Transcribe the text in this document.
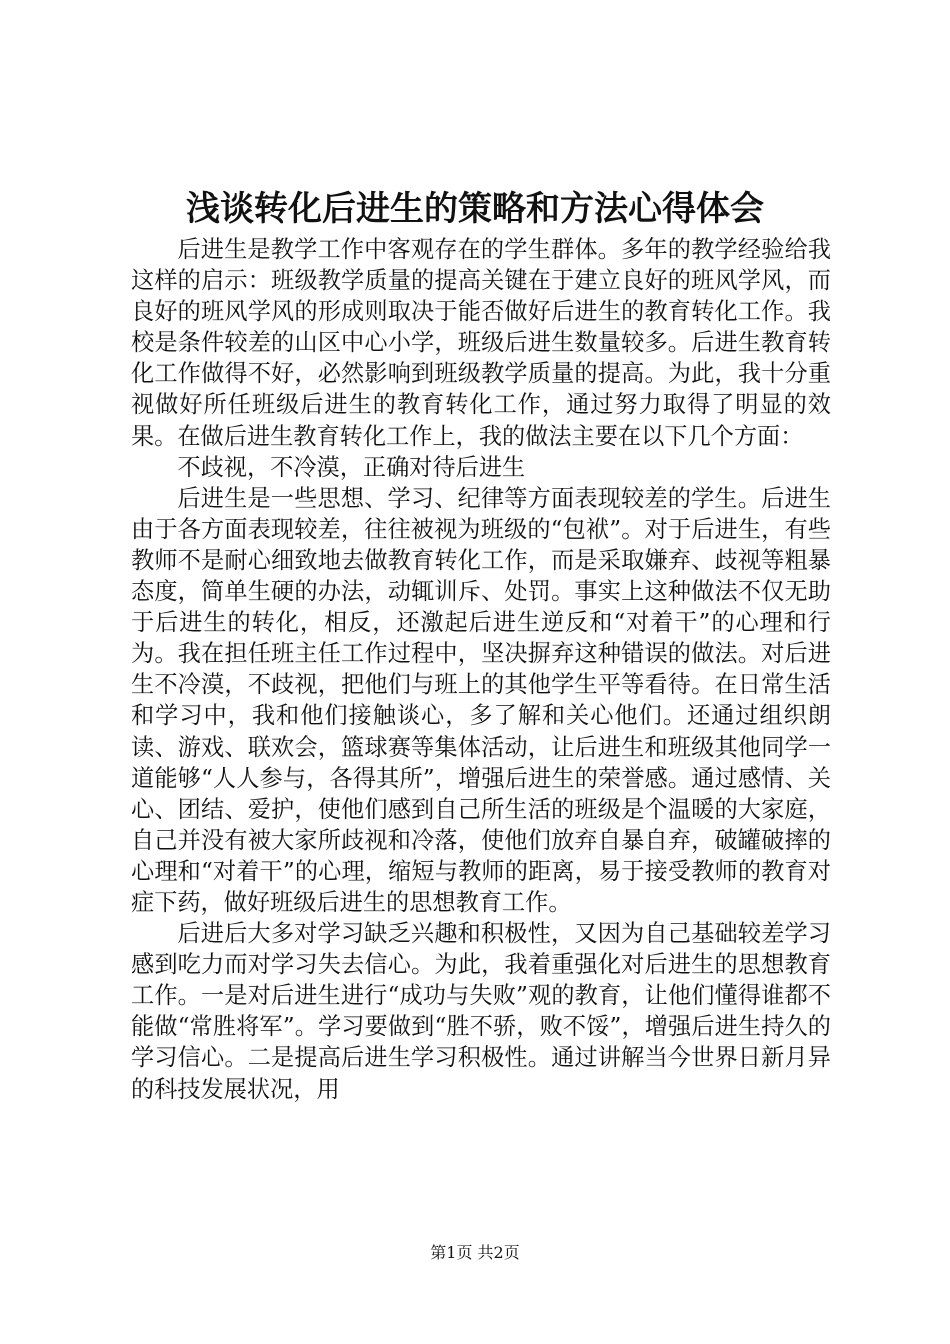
浅谈转化后进生的策略和方法心得体会

后进生是教学工作中客观存在的学生群体。多年的教学经验给我这样的启示：班级教学质量的提高关键在于建立良好的班风学风，而良好的班风学风的形成则取决于能否做好后进生的教育转化工作。我校是条件较差的山区中心小学，班级后进生数量较多。后进生教育转化工作做得不好，必然影响到班级教学质量的提高。为此，我十分重视做好所任班级后进生的教育转化工作，通过努力取得了明显的效果。在做后进生教育转化工作上，我的做法主要在以下几个方面：

不歧视，不冷漠，正确对待后进生

后进生是一些思想、学习、纪律等方面表现较差的学生。后进生由于各方面表现较差，往往被视为班级的“包袱”。对于后进生，有些教师不是耐心细致地去做教育转化工作，而是采取嫌弃、歧视等粗暴态度，简单生硬的办法，动辄训斥、处罚。事实上这种做法不仅无助于后进生的转化，相反，还激起后进生逆反和“对着干”的心理和行为。我在担任班主任工作过程中，坚决摒弃这种错误的做法。对后进生不冷漠，不歧视，把他们与班上的其他学生平等看待。在日常生活和学习中，我和他们接触谈心，多了解和关心他们。还通过组织朗读、游戏、联欢会，篮球赛等集体活动，让后进生和班级其他同学一道能够“人人参与，各得其所”，增强后进生的荣誉感。通过感情、关心、团结、爱护，使他们感到自己所生活的班级是个温暖的大家庭，自己并没有被大家所歧视和冷落，使他们放弃自暴自弃，破罐破摔的心理和“对着干”的心理，缩短与教师的距离，易于接受教师的教育对症下药，做好班级后进生的思想教育工作。

后进后大多对学习缺乏兴趣和积极性，又因为自己基础较差学习感到吃力而对学习失去信心。为此，我着重强化对后进生的思想教育工作。一是对后进生进行“成功与失败”观的教育，让他们懂得谁都不能做“常胜将军”。学习要做到“胜不骄，败不馁”，增强后进生持久的学习信心。二是提高后进生学习积极性。通过讲解当今世界日新月异的科技发展状况，用

第1页 共2页
